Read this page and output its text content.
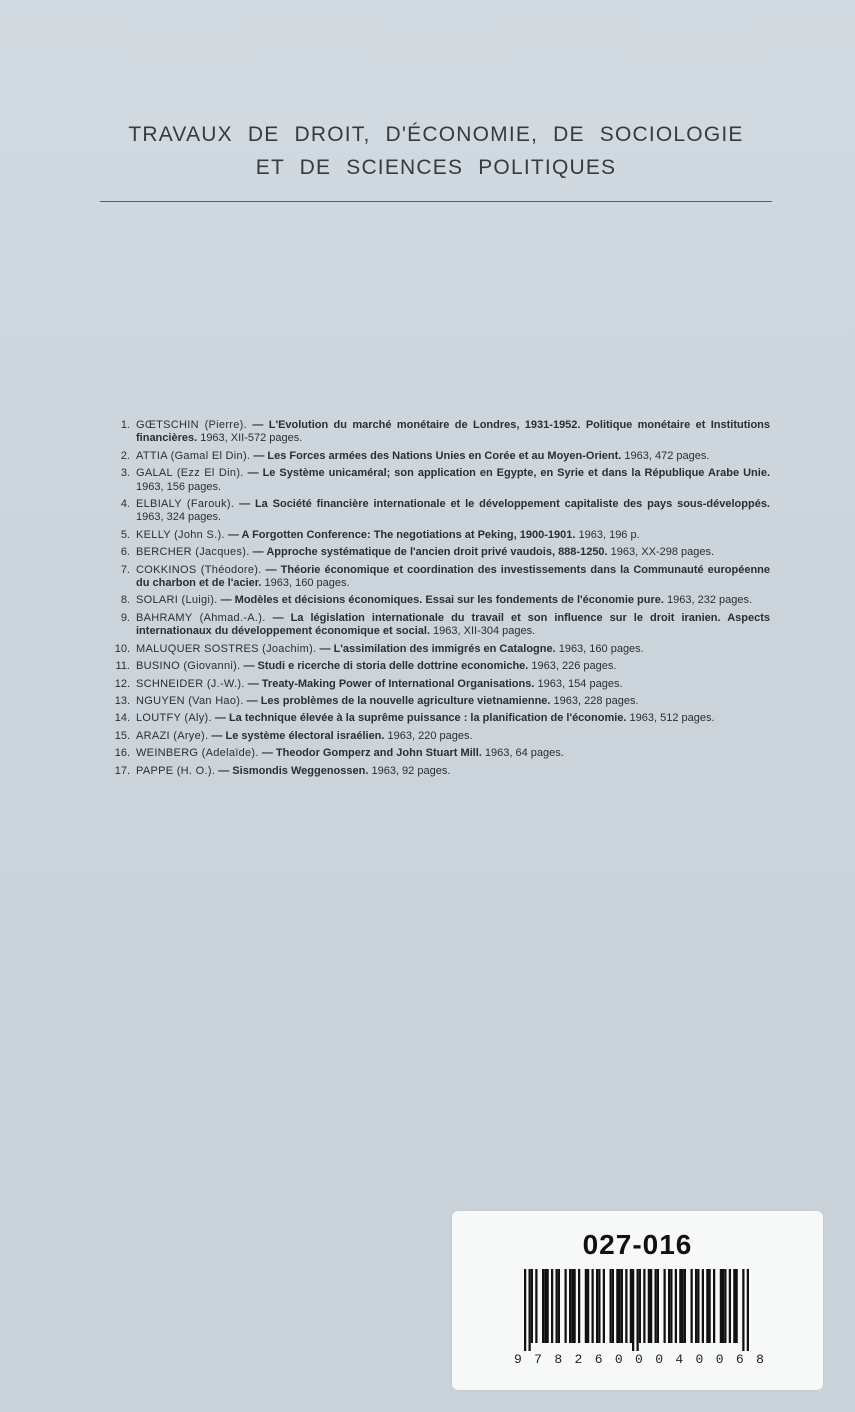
TRAVAUX DE DROIT, D'ÉCONOMIE, DE SOCIOLOGIE
ET DE SCIENCES POLITIQUES
1. GŒTSCHIN (Pierre). — L'Evolution du marché monétaire de Londres, 1931-1952. Politique monétaire et Institutions financières. 1963, XII-572 pages.
2. ATTIA (Gamal El Din). — Les Forces armées des Nations Unies en Corée et au Moyen-Orient. 1963, 472 pages.
3. GALAL (Ezz El Din). — Le Système unicaméral; son application en Egypte, en Syrie et dans la République Arabe Unie. 1963, 156 pages.
4. ELBIALY (Farouk). — La Société financière internationale et le développement capitaliste des pays sous-développés. 1963, 324 pages.
5. KELLY (John S.). — A Forgotten Conference: The negotiations at Peking, 1900-1901. 1963, 196 p.
6. BERCHER (Jacques). — Approche systématique de l'ancien droit privé vaudois, 888-1250. 1963, XX-298 pages.
7. COKKINOS (Théodore). — Théorie économique et coordination des investissements dans la Communauté européenne du charbon et de l'acier. 1963, 160 pages.
8. SOLARI (Luigi). — Modèles et décisions économiques. Essai sur les fondements de l'économie pure. 1963, 232 pages.
9. BAHRAMY (Ahmad.-A.). — La législation internationale du travail et son influence sur le droit iranien. Aspects internationaux du développement économique et social. 1963, XII-304 pages.
10. MALUQUER SOSTRES (Joachim). — L'assimilation des immigrés en Catalogne. 1963, 160 pages.
11. BUSINO (Giovanni). — Studi e ricerche di storia delle dottrine economiche. 1963, 226 pages.
12. SCHNEIDER (J.-W.). — Treaty-Making Power of International Organisations. 1963, 154 pages.
13. NGUYEN (Van Hao). — Les problèmes de la nouvelle agriculture vietnamienne. 1963, 228 pages.
14. LOUTFY (Aly). — La technique élevée à la suprême puissance : la planification de l'économie. 1963, 512 pages.
15. ARAZI (Arye). — Le système électoral israélien. 1963, 220 pages.
16. WEINBERG (Adelaïde). — Theodor Gomperz and John Stuart Mill. 1963, 64 pages.
17. PAPPE (H. O.). — Sismondis Weggenossen. 1963, 92 pages.
027-016
9 7 8 2 6 0 0 0 4 0 0 6 8
